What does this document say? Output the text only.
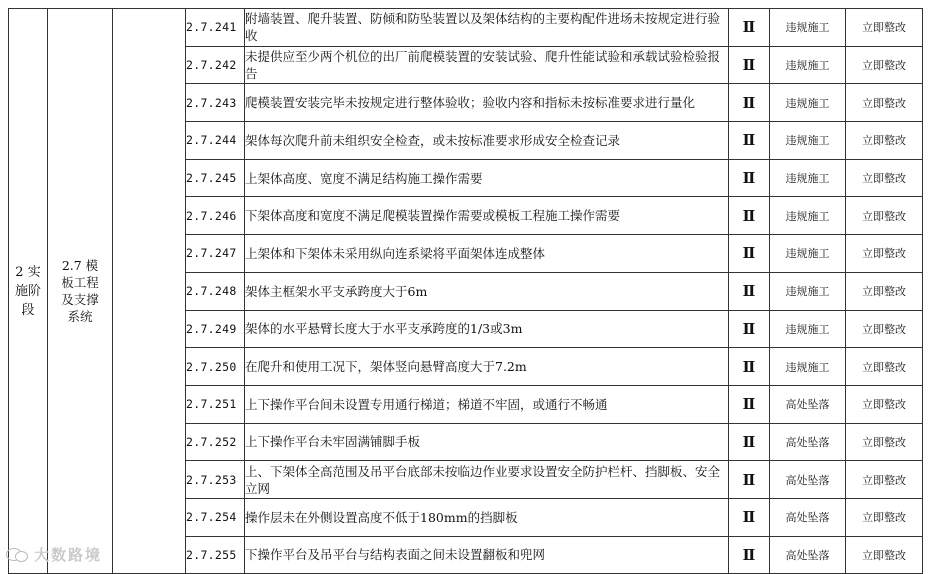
2 实施阶段	2.7 模板工程及支撑系统		2.7.241	附墙装置、爬升装置、防倾和防坠装置以及架体结构的主要构配件进场未按规定进行验收	Ⅱ	违规施工	立即整改
			2.7.242	未提供应至少两个机位的出厂前爬模装置的安装试验、爬升性能试验和承载试验检验报告	Ⅱ	违规施工	立即整改
			2.7.243	爬模装置安装完毕未按规定进行整体验收；验收内容和指标未按标准要求进行量化	Ⅱ	违规施工	立即整改
			2.7.244	架体每次爬升前未组织安全检查，或未按标准要求形成安全检查记录	Ⅱ	违规施工	立即整改
			2.7.245	上架体高度、宽度不满足结构施工操作需要	Ⅱ	违规施工	立即整改
			2.7.246	下架体高度和宽度不满足爬模装置操作需要或模板工程施工操作需要	Ⅱ	违规施工	立即整改
			2.7.247	上架体和下架体未采用纵向连系梁将平面架体连成整体	Ⅱ	违规施工	立即整改
			2.7.248	架体主框架水平支承跨度大于6m	Ⅱ	违规施工	立即整改
			2.7.249	架体的水平悬臂长度大于水平支承跨度的1/3或3m	Ⅱ	违规施工	立即整改
			2.7.250	在爬升和使用工况下，架体竖向悬臂高度大于7.2m	Ⅱ	违规施工	立即整改
			2.7.251	上下操作平台间未设置专用通行梯道；梯道不牢固，或通行不畅通	Ⅱ	高处坠落	立即整改
			2.7.252	上下操作平台未牢固满铺脚手板	Ⅱ	高处坠落	立即整改
			2.7.253	上、下架体全高范围及吊平台底部未按临边作业要求设置安全防护栏杆、挡脚板、安全立网	Ⅱ	高处坠落	立即整改
			2.7.254	操作层未在外侧设置高度不低于180mm的挡脚板	Ⅱ	高处坠落	立即整改
			2.7.255	下操作平台及吊平台与结构表面之间未设置翻板和兜网	Ⅱ	高处坠落	立即整改
大数路境
